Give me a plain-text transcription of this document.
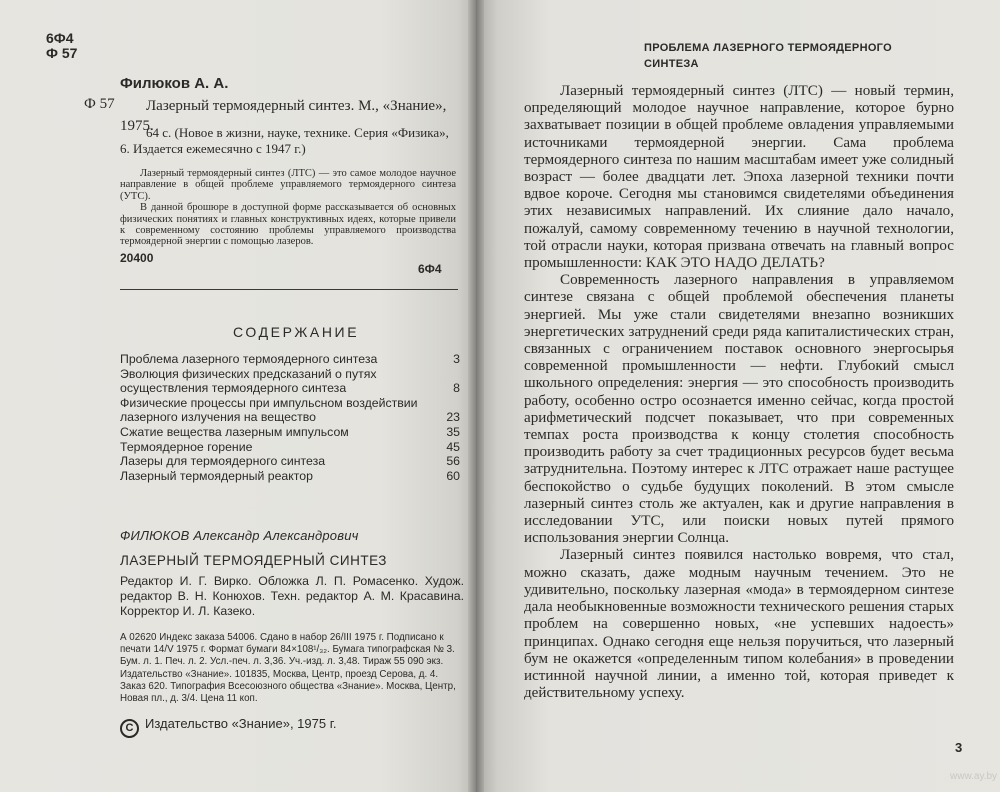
6Ф4
Ф 57
Филюков А. А.
Ф 57	Лазерный термоядерный синтез. М., «Знание», 1975.
64 с. (Новое в жизни, науке, технике. Серия «Физика», 6. Издается ежемесячно с 1947 г.)

Лазерный термоядерный синтез (ЛТС) — это самое молодое научное направление в общей проблеме управляемого термоядерного синтеза (УТС).

В данной брошюре в доступной форме рассказывается об основных физических понятиях и главных конструктивных идеях, которые привели к современному состоянию проблемы управляемого производства термоядерной энергии с помощью лазеров.

20400
6Ф4
СОДЕРЖАНИЕ
Проблема лазерного термоядерного синтеза	3
Эволюция физических предсказаний о путях осуществления термоядерного синтеза	8
Физические процессы при импульсном воздействии лазерного излучения на вещество	23
Сжатие вещества лазерным импульсом	35
Термоядерное горение	45
Лазеры для термоядерного синтеза	56
Лазерный термоядерный реактор	60
ФИЛЮКОВ Александр Александрович
ЛАЗЕРНЫЙ ТЕРМОЯДЕРНЫЙ СИНТЕЗ
Редактор И. Г. Вирко. Обложка Л. П. Ромасенко. Худож. редактор В. Н. Конюхов. Техн. редактор А. М. Красавина. Корректор И. Л. Казеко.
А 02620 Индекс заказа 54006. Сдано в набор 26/III 1975 г. Подписано к печати 14/V 1975 г. Формат бумаги 84×108¹/₃₂. Бумага типографская № 3. Бум. л. 1. Печ. л. 2. Усл.-печ. л. 3,36. Уч.-изд. л. 3,48. Тираж 55 090 экз. Издательство «Знание». 101835, Москва, Центр, проезд Серова, д. 4. Заказ 620. Типография Всесоюзного общества «Знание». Москва, Центр, Новая пл., д. 3/4. Цена 11 коп.
C Издательство «Знание», 1975 г.
ПРОБЛЕМА ЛАЗЕРНОГО ТЕРМОЯДЕРНОГО СИНТЕЗА

Лазерный термоядерный синтез (ЛТС) — новый термин, определяющий молодое научное направление, которое бурно захватывает позиции в общей проблеме овладения управляемыми источниками термоядерной энергии. Сама проблема термоядерного синтеза по нашим масштабам имеет уже солидный возраст — более двадцати лет. Эпоха лазерной техники почти вдвое короче. Сегодня мы становимся свидетелями объединения этих независимых направлений. Их слияние дало начало, пожалуй, самому современному течению в научной технологии, той отрасли науки, которая призвана отвечать на главный вопрос промышленности: КАК ЭТО НАДО ДЕЛАТЬ?

Современность лазерного направления в управляемом синтезе связана с общей проблемой обеспечения планеты энергией. Мы уже стали свидетелями внезапно возникших энергетических затруднений среди ряда капиталистических стран, связанных с ограничением поставок основного энергосырья современной промышленности — нефти. Глубокий смысл школьного определения: энергия — это способность производить работу, особенно остро осознается именно сейчас, когда простой арифметический подсчет показывает, что при современных темпах роста производства к концу столетия способность производить работу за счет традиционных ресурсов будет весьма затруднительна. Поэтому интерес к ЛТС отражает наше растущее беспокойство о судьбе будущих поколений. В этом смысле лазерный синтез столь же актуален, как и другие направления в исследовании УТС, или поиски новых путей прямого использования энергии Солнца.

Лазерный синтез появился настолько вовремя, что стал, можно сказать, даже модным научным течением. Это не удивительно, поскольку лазерная «мода» в термоядерном синтезе дала необыкновенные возможности технического решения старых проблем на совершенно новых, «не успевших надоесть» принципах. Однако сегодня еще нельзя поручиться, что лазерный бум не окажется «определенным типом колебания» в проведении истинной научной линии, а именно той, которая приведет к действительному успеху.

3
www.ay.by
